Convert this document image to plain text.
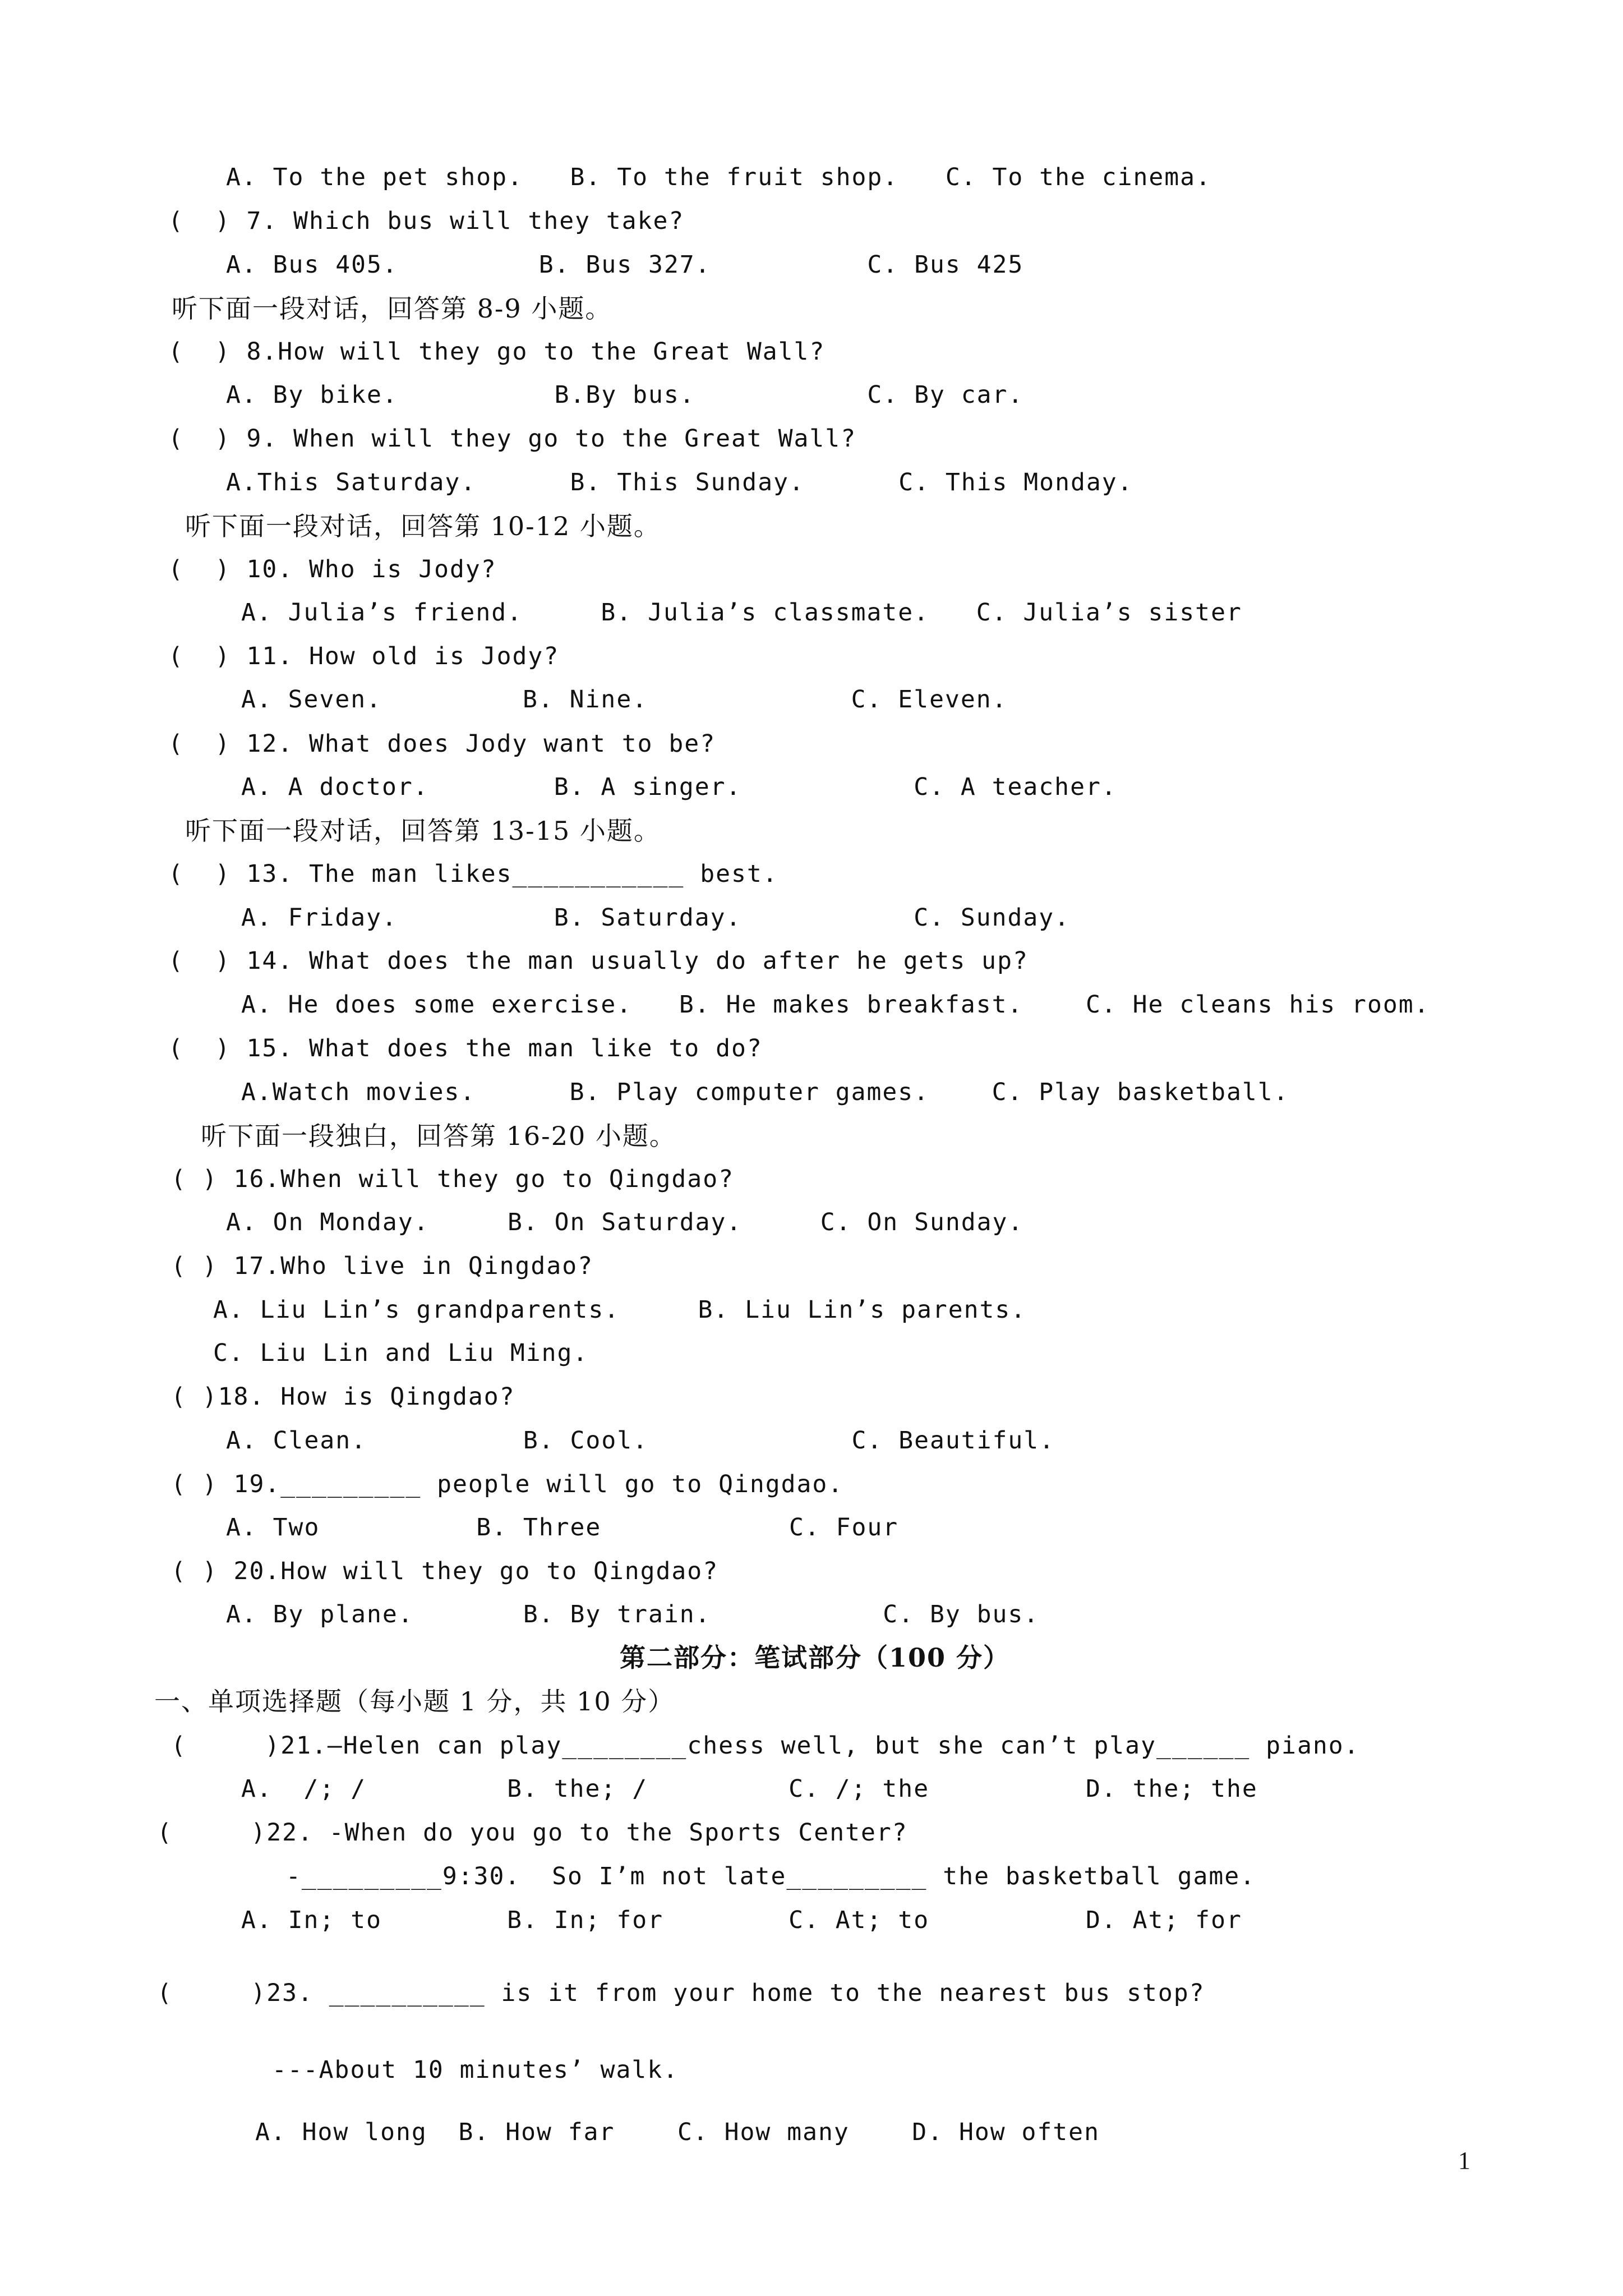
A. To the pet shop.   B. To the fruit shop.   C. To the cinema.
(  ) 7. Which bus will they take?
A. Bus 405.         B. Bus 327.          C. Bus 425
听下面一段对话，回答第 8-9 小题。
(  ) 8.How will they go to the Great Wall?
A. By bike.          B.By bus.           C. By car.
(  ) 9. When will they go to the Great Wall?
A.This Saturday.      B. This Sunday.      C. This Monday.
听下面一段对话，回答第 10-12 小题。
(  ) 10. Who is Jody?
A. Julia’s friend.     B. Julia’s classmate.   C. Julia’s sister
(  ) 11. How old is Jody?
A. Seven.         B. Nine.             C. Eleven.
(  ) 12. What does Jody want to be?
A. A doctor.        B. A singer.           C. A teacher.
听下面一段对话，回答第 13-15 小题。
(  ) 13. The man likes___________ best.
A. Friday.          B. Saturday.           C. Sunday.
(  ) 14. What does the man usually do after he gets up?
A. He does some exercise.   B. He makes breakfast.    C. He cleans his room.
(  ) 15. What does the man like to do?
A.Watch movies.      B. Play computer games.    C. Play basketball.
听下面一段独白，回答第 16-20 小题。
( ) 16.When will they go to Qingdao?
A. On Monday.     B. On Saturday.     C. On Sunday.
( ) 17.Who live in Qingdao?
A. Liu Lin’s grandparents.     B. Liu Lin’s parents.
C. Liu Lin and Liu Ming.
( )18. How is Qingdao?
A. Clean.          B. Cool.             C. Beautiful.
( ) 19._________ people will go to Qingdao.
A. Two          B. Three            C. Four
( ) 20.How will they go to Qingdao?
A. By plane.       B. By train.           C. By bus.
第二部分：笔试部分（100 分）
一、单项选择题（每小题 1 分，共 10 分）
(     )21.—Helen can play________chess well, but she can’t play______ piano.
A.  /; /         B. the; /         C. /; the          D. the; the
(     )22. -When do you go to the Sports Center?
-_________9:30.  So I’m not late_________ the basketball game.
A. In; to        B. In; for        C. At; to          D. At; for
(     )23. __________ is it from your home to the nearest bus stop?
---About 10 minutes’ walk.
A. How long  B. How far    C. How many    D. How often
1
